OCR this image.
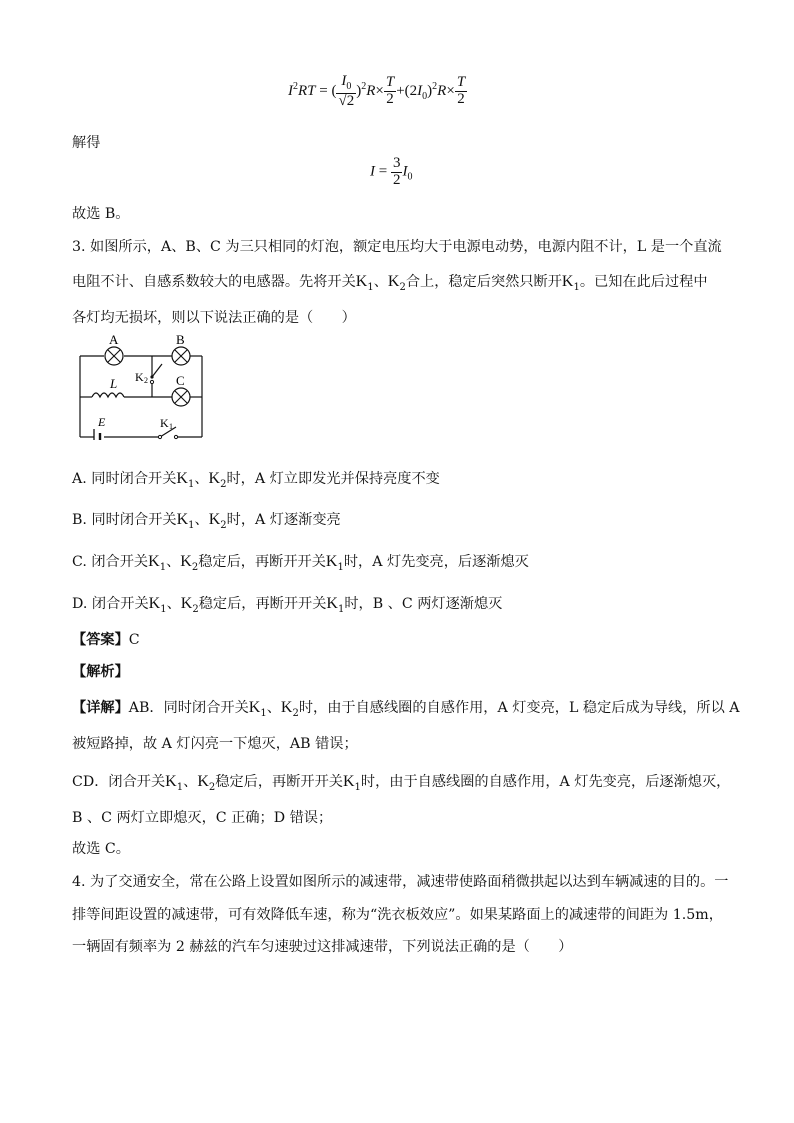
$I^2RT$ = ( $\frac{I_0}{√2} )^2R\times \frac{T}{2} +(2I_0)^2R\times \frac{T}{2}$
解得
$I = \frac{3}{2} I_0$
故选 B。
3. 如图所示，A、B、C 为三只相同的灯泡，额定电压均大于电源电动势，电源内阻不计，L 是一个直流
电阻不计、自感系数较大的电感器。先将开关$K_1$、$K_2$合上，稳定后突然只断开$K_1$。已知在此后过程中
各灯均无损坏，则以下说法正确的是（　　）
A	B
C
L K 2
E	K 1
A. 同时闭合开关$K_1$、$K_2$时，A 灯立即发光并保持亮度不变
B. 同时闭合开关$K_1$、$K_2$时，A 灯逐渐变亮
C. 闭合开关$K_1$、$K_2$稳定后，再断开开关$K_1$时，A 灯先变亮，后逐渐熄灭
D. 闭合开关$K_1$、$K_2$稳定后，再断开开关$K_1$时，B 、C 两灯逐渐熄灭
【答案】C
【解析】
【详解】AB．同时闭合开关$K_1$、$K_2$时，由于自感线圈的自感作用，A 灯变亮，L 稳定后成为导线，所以 A
被短路掉，故 A 灯闪亮一下熄灭，AB 错误；
CD．闭合开关$K_1$、$K_2$稳定后，再断开开关$K_1$时，由于自感线圈的自感作用，A 灯先变亮，后逐渐熄灭，
B 、C 两灯立即熄灭，C 正确；D 错误；
故选 C。
4. 为了交通安全，常在公路上设置如图所示的减速带，减速带使路面稍微拱起以达到车辆减速的目的。一
排等间距设置的减速带，可有效降低车速，称为“洗衣板效应”。如果某路面上的减速带的间距为 1.5m，
一辆固有频率为 2 赫兹的汽车匀速驶过这排减速带，下列说法正确的是（　　）
